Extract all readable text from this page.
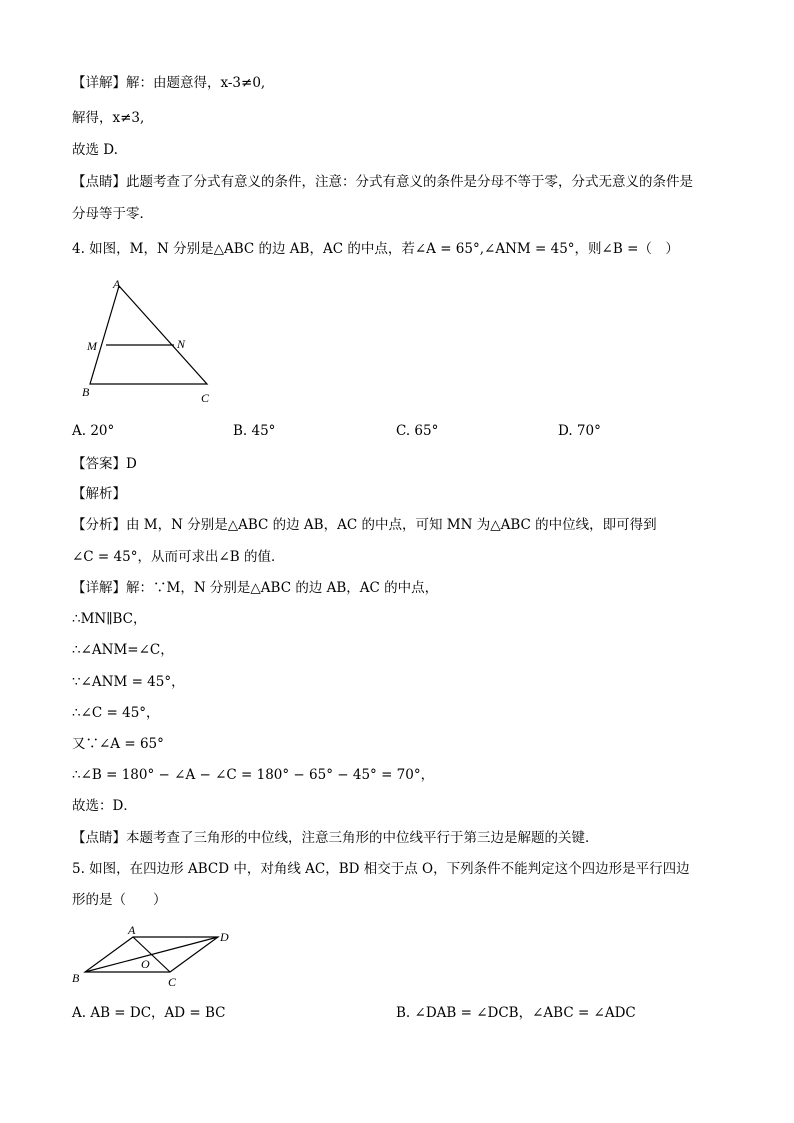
【详解】解：由题意得，x-3≠0,
解得，x≠3,
故选 D.
【点睛】此题考查了分式有意义的条件，注意：分式有意义的条件是分母不等于零，分式无意义的条件是
分母等于零．
4. 如图，M，N 分别是△ABC 的边 AB，AC 的中点，若∠A = 65°,∠ANM = 45°，则∠B =（　）
A
M	N
B	C
A. 20°	B. 45°	C. 65°	D. 70°
【答案】D
【解析】
【分析】由 M，N 分别是△ABC 的边 AB，AC 的中点，可知 MN 为△ABC 的中位线，即可得到
∠C = 45°，从而可求出∠B 的值．
【详解】解：∵M，N 分别是△ABC 的边 AB，AC 的中点，
∴MN∥BC，
∴∠ANM=∠C，
∵∠ANM = 45°，
∴∠C = 45°，
又∵∠A = 65°
∴∠B = 180° − ∠A − ∠C = 180° − 65° − 45° = 70°，
故选：D．
【点睛】本题考查了三角形的中位线，注意三角形的中位线平行于第三边是解题的关键．
5. 如图，在四边形 ABCD 中，对角线 AC，BD 相交于点 O，下列条件不能判定这个四边形是平行四边
形的是（　　）
A	D
O
B	C
A. AB = DC，AD = BC	B. ∠DAB = ∠DCB，∠ABC = ∠ADC
